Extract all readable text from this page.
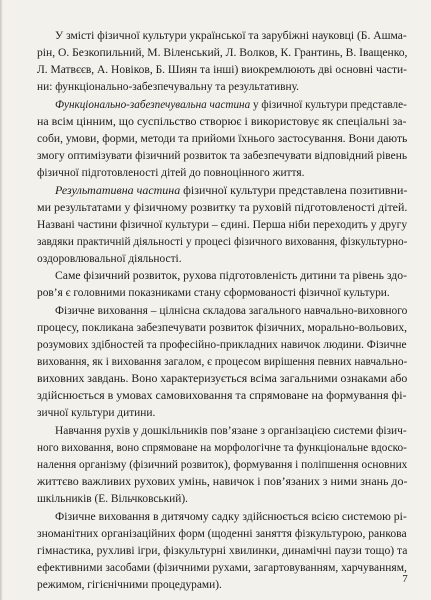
У змісті фізичної культури української та зарубіжні науковці (Б. Ашма-
рін, О. Безкопильний, М. Віленський, Л. Волков, К. Грантинь, В. Іващенко,
Л. Матвєєв, А. Новіков, Б. Шиян та інші) виокремлюють дві основні части-
ни: функціонально-забезпечувальну та результативну.
Функціонально-забезпечувальна частина у фізичної культури представле-
на всім цінним, що суспільство створює і використовує як спеціальні за-
соби, умови, форми, методи та прийоми їхнього застосування. Вони дають
змогу оптимізувати фізичний розвиток та забезпечувати відповідний рівень
фізичної підготовленості дітей до повноцінного життя.
Результативна частина фізичної культури представлена позитивни-
ми результатами у фізичному розвитку та руховій підготовленості дітей.
Названі частини фізичної культури – єдині. Перша ніби переходить у другу
завдяки практичній діяльності у процесі фізичного виховання, фізкультурно-
оздоровлювальної діяльності.
Саме фізичний розвиток, рухова підготовленість дитини та рівень здо-
ров’я є головними показниками стану сформованості фізичної культури.
Фізичне виховання – цілнісна складова загального навчально-виховного
процесу, покликана забезпечувати розвиток фізичних, морально-вольових,
розумових здібностей та професійно-прикладних навичок людини. Фізичне
виховання, як і виховання загалом, є процесом вирішення певних навчально-
виховних завдань. Воно характеризується всіма загальними ознаками або
здійснюється в умовах самовиховання та спрямоване на формування фі-
зичної культури дитини.
Навчання рухів у дошкільників пов’язане з організацією системи фізич-
ного виховання, воно спрямоване на морфологічне та функціональне вдоско-
налення організму (фізичний розвиток), формування і поліпшення основних
життєво важливих рухових умінь, навичок і пов’язаних з ними знань до-
шкільників (Е. Вільчковський).
Фізичне виховання в дитячому садку здійснюється всією системою рі-
зноманітних організаційних форм (щоденні заняття фізкультурою, ранкова
гімнастика, рухливі ігри, фізкультурні хвилинки, динамічні паузи тощо) та
ефективними засобами (фізичними рухами, загартовуванням, харчуванням,
режимом, гігієнічними процедурами).	7
